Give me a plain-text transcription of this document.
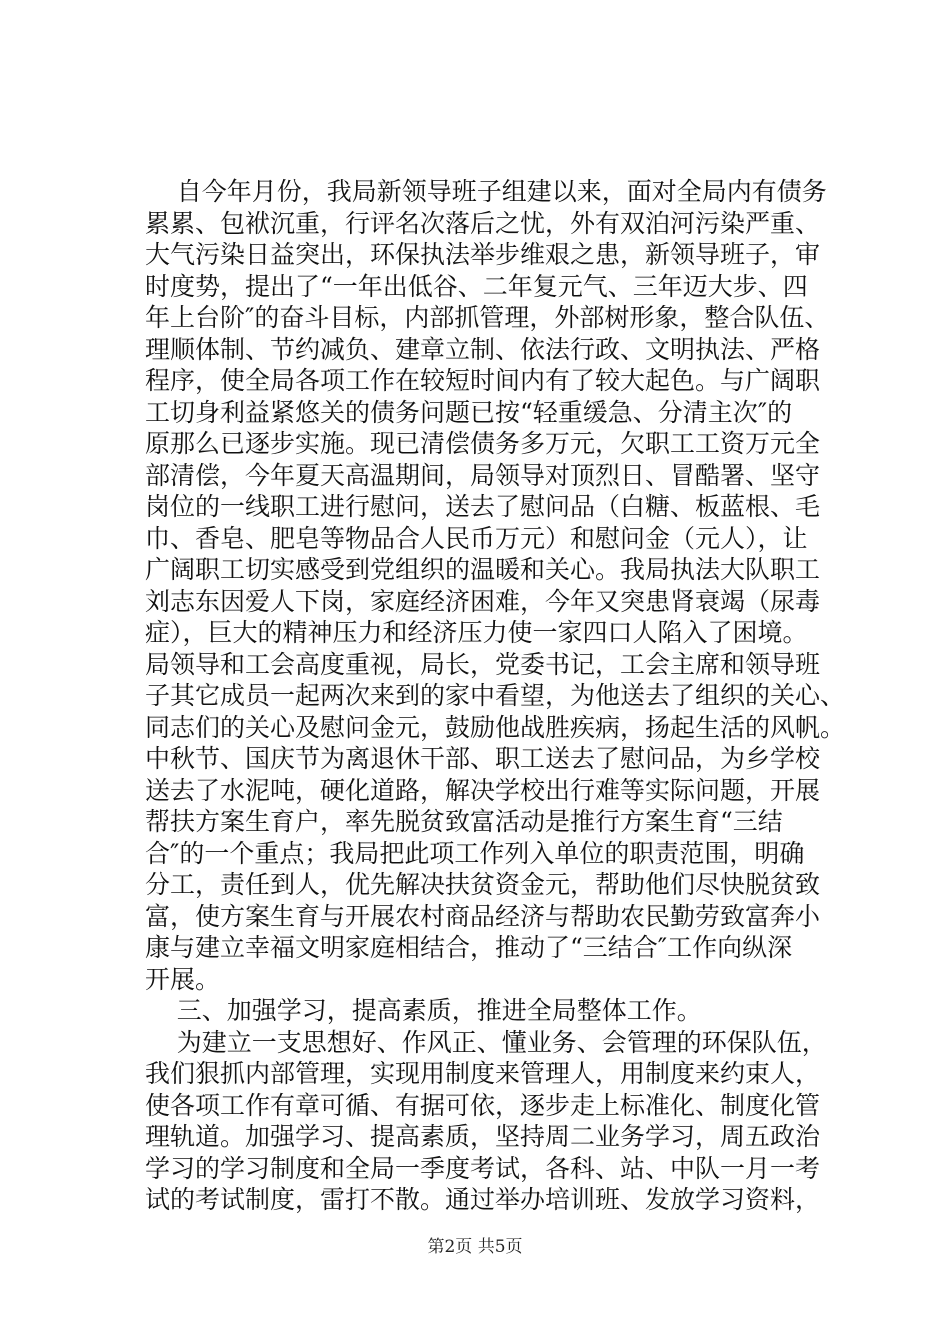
自今年月份，我局新领导班子组建以来，面对全局内有债务
累累、包袱沉重，行评名次落后之忧，外有双泊河污染严重、
大气污染日益突出，环保执法举步维艰之患，新领导班子，审
时度势，提出了“一年出低谷、二年复元气、三年迈大步、四
年上台阶″的奋斗目标，内部抓管理，外部树形象，整合队伍、
理顺体制、节约减负、建章立制、依法行政、文明执法、严格
程序，使全局各项工作在较短时间内有了较大起色。与广阔职
工切身利益紧悠关的债务问题已按“轻重缓急、分清主次″的
原那么已逐步实施。现已清偿债务多万元，欠职工工资万元全
部清偿，今年夏天高温期间，局领导对顶烈日、冒酷署、坚守
岗位的一线职工进行慰问，送去了慰问品（白糖、板蓝根、毛
巾、香皂、肥皂等物品合人民币万元）和慰问金（元人），让
广阔职工切实感受到党组织的温暖和关心。我局执法大队职工
刘志东因爱人下岗，家庭经济困难，今年又突患肾衰竭（尿毒
症），巨大的精神压力和经济压力使一家四口人陷入了困境。
局领导和工会高度重视，局长，党委书记，工会主席和领导班
子其它成员一起两次来到的家中看望，为他送去了组织的关心、
同志们的关心及慰问金元，鼓励他战胜疾病，扬起生活的风帆。
中秋节、国庆节为离退休干部、职工送去了慰问品，为乡学校
送去了水泥吨，硬化道路，解决学校出行难等实际问题，开展
帮扶方案生育户，率先脱贫致富活动是推行方案生育“三结
合″的一个重点；我局把此项工作列入单位的职责范围，明确
分工，责任到人，优先解决扶贫资金元，帮助他们尽快脱贫致
富，使方案生育与开展农村商品经济与帮助农民勤劳致富奔小
康与建立幸福文明家庭相结合，推动了“三结合″工作向纵深
开展。
三、加强学习，提高素质，推进全局整体工作。
为建立一支思想好、作风正、懂业务、会管理的环保队伍，
我们狠抓内部管理，实现用制度来管理人，用制度来约束人，
使各项工作有章可循、有据可依，逐步走上标准化、制度化管
理轨道。加强学习、提高素质，坚持周二业务学习，周五政治
学习的学习制度和全局一季度考试，各科、站、中队一月一考
试的考试制度，雷打不散。通过举办培训班、发放学习资料，
第2页 共5页
